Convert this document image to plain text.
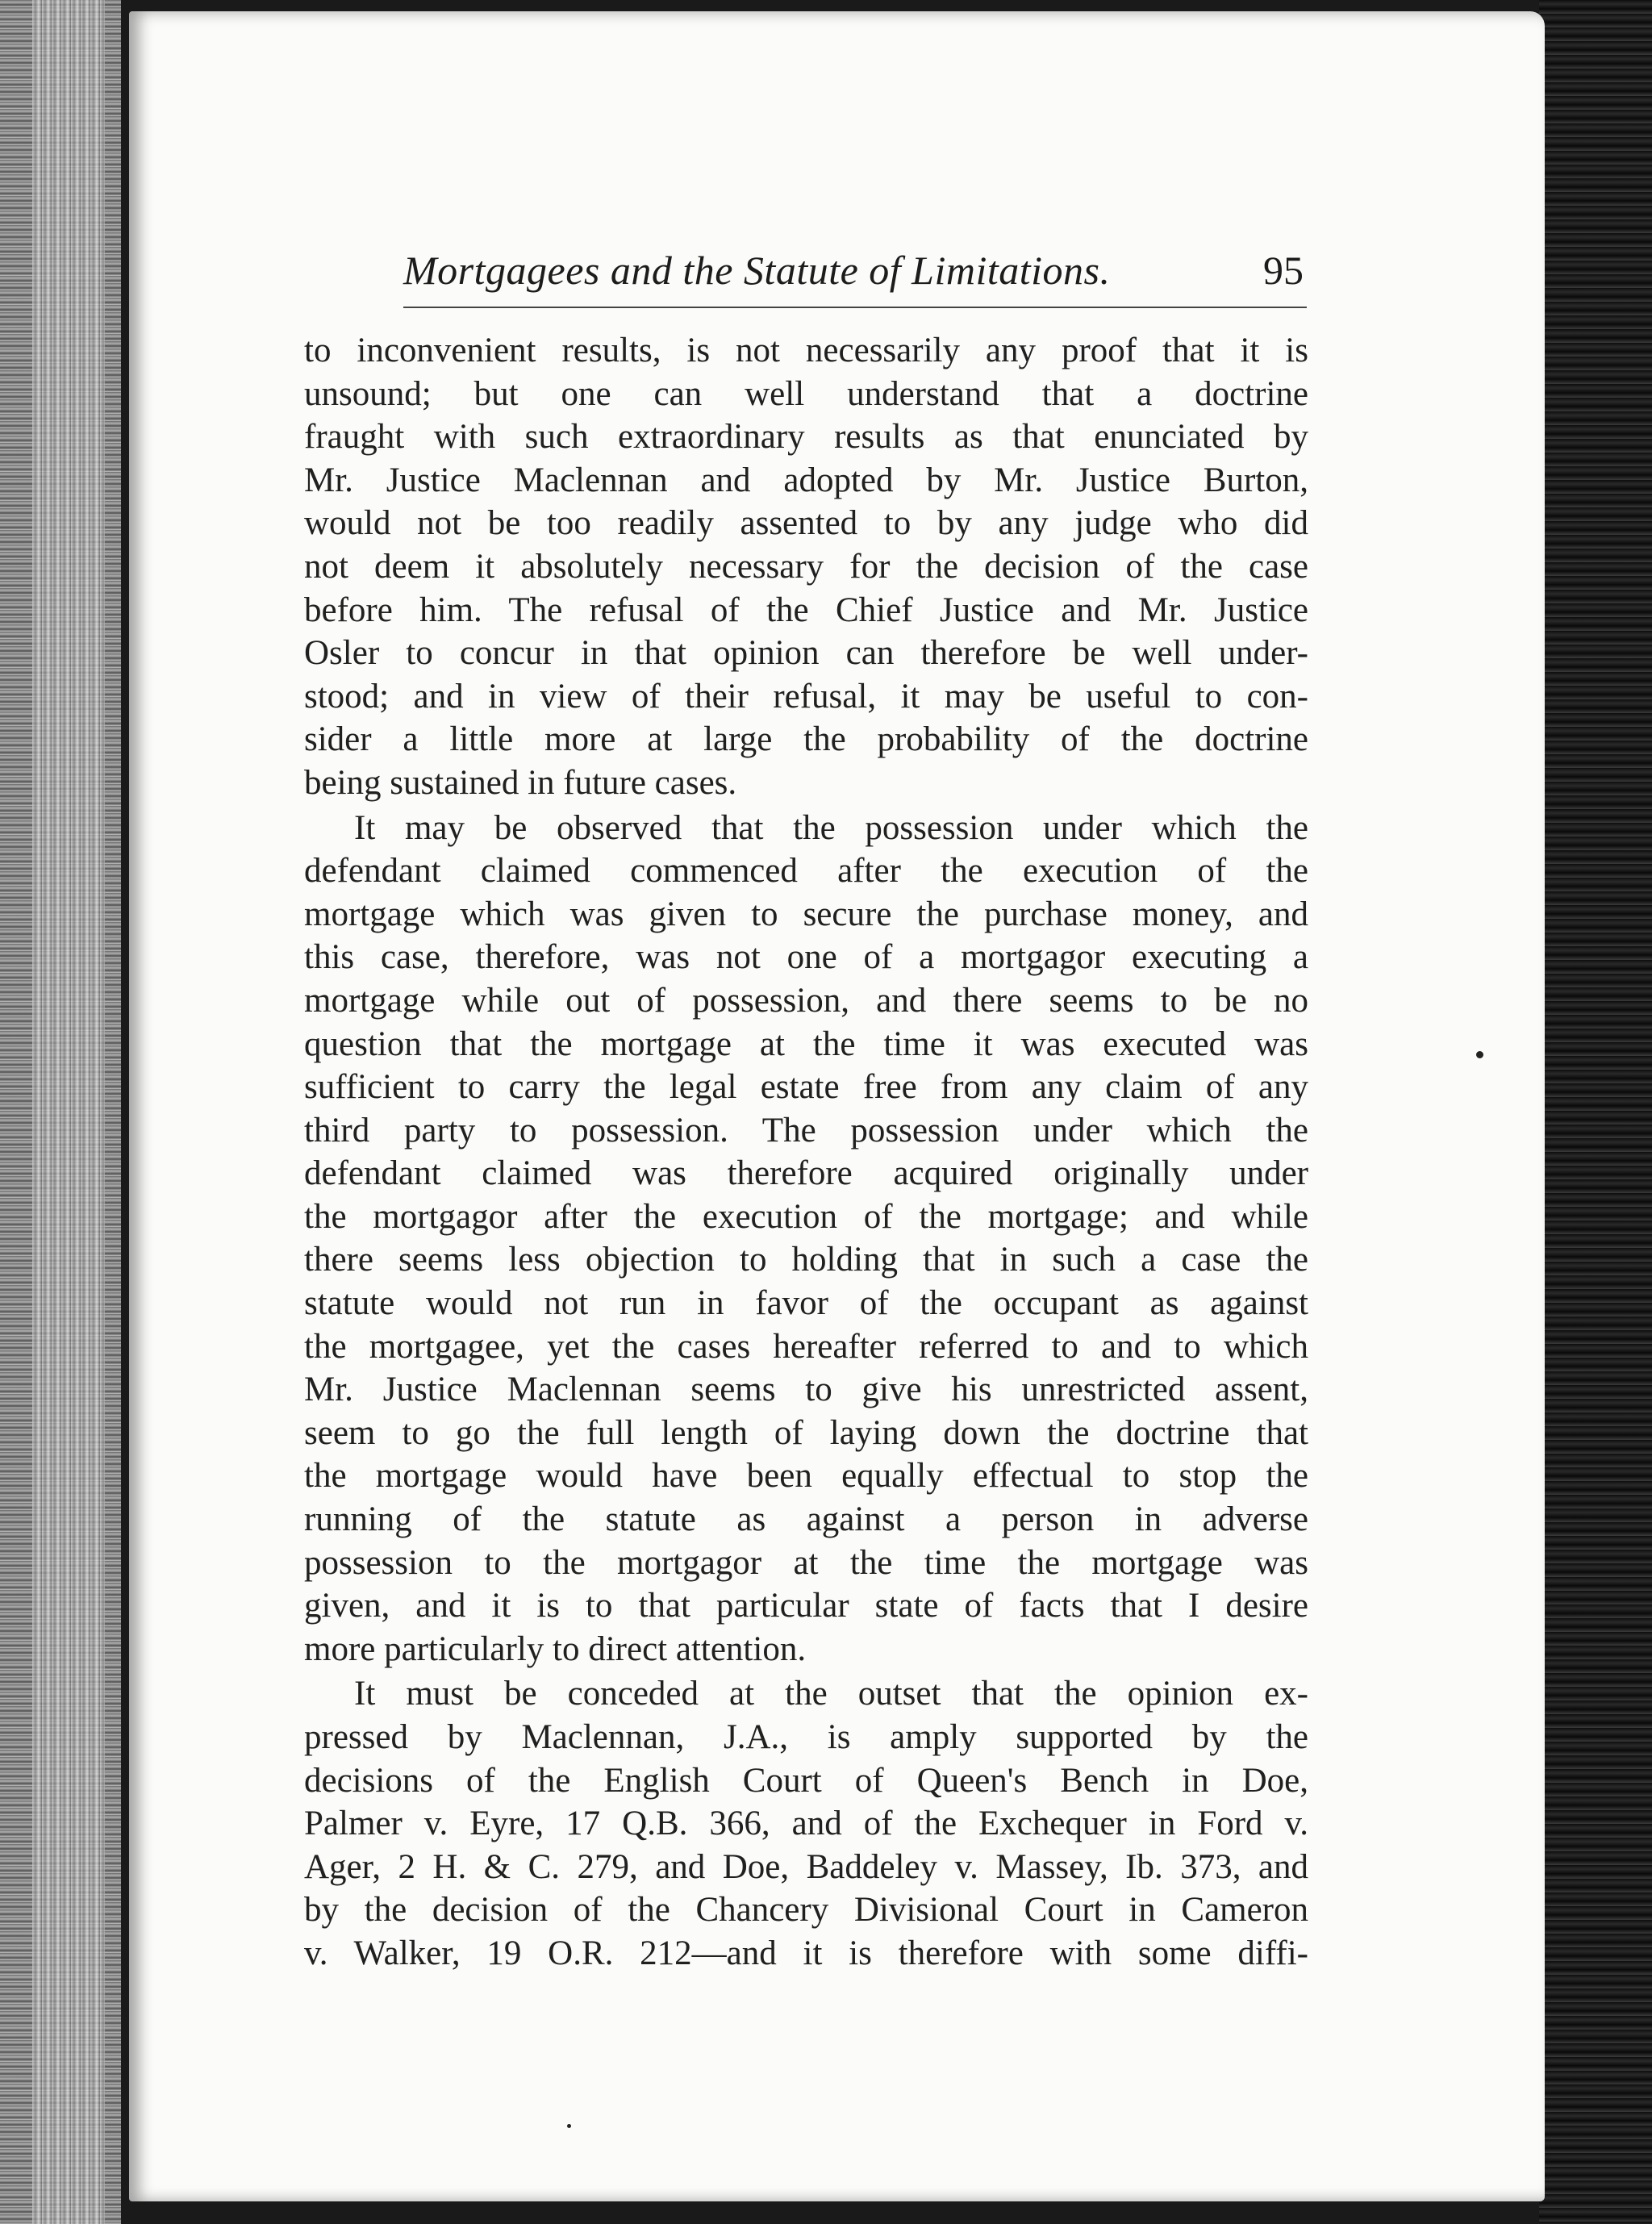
Mortgagees and the Statute of Limitations.	95
to inconvenient results, is not necessarily any proof that it is
unsound; but one can well understand that a doctrine
fraught with such extraordinary results as that enunciated by
Mr. Justice Maclennan and adopted by Mr. Justice Burton,
would not be too readily assented to by any judge who did
not deem it absolutely necessary for the decision of the case
before him. The refusal of the Chief Justice and Mr. Justice
Osler to concur in that opinion can therefore be well under-
stood; and in view of their refusal, it may be useful to con-
sider a little more at large the probability of the doctrine
being sustained in future cases.
It may be observed that the possession under which the
defendant claimed commenced after the execution of the
mortgage which was given to secure the purchase money, and
this case, therefore, was not one of a mortgagor executing a
mortgage while out of possession, and there seems to be no
question that the mortgage at the time it was executed was
sufficient to carry the legal estate free from any claim of any
third party to possession. The possession under which the
defendant claimed was therefore acquired originally under
the mortgagor after the execution of the mortgage; and while
there seems less objection to holding that in such a case the
statute would not run in favor of the occupant as against
the mortgagee, yet the cases hereafter referred to and to which
Mr. Justice Maclennan seems to give his unrestricted assent,
seem to go the full length of laying down the doctrine that
the mortgage would have been equally effectual to stop the
running of the statute as against a person in adverse
possession to the mortgagor at the time the mortgage was
given, and it is to that particular state of facts that I desire
more particularly to direct attention.
It must be conceded at the outset that the opinion ex-
pressed by Maclennan, J.A., is amply supported by the
decisions of the English Court of Queen's Bench in Doe,
Palmer v. Eyre, 17 Q.B. 366, and of the Exchequer in Ford v.
Ager, 2 H. & C. 279, and Doe, Baddeley v. Massey, Ib. 373, and
by the decision of the Chancery Divisional Court in Cameron
v. Walker, 19 O.R. 212—and it is therefore with some diffi-
